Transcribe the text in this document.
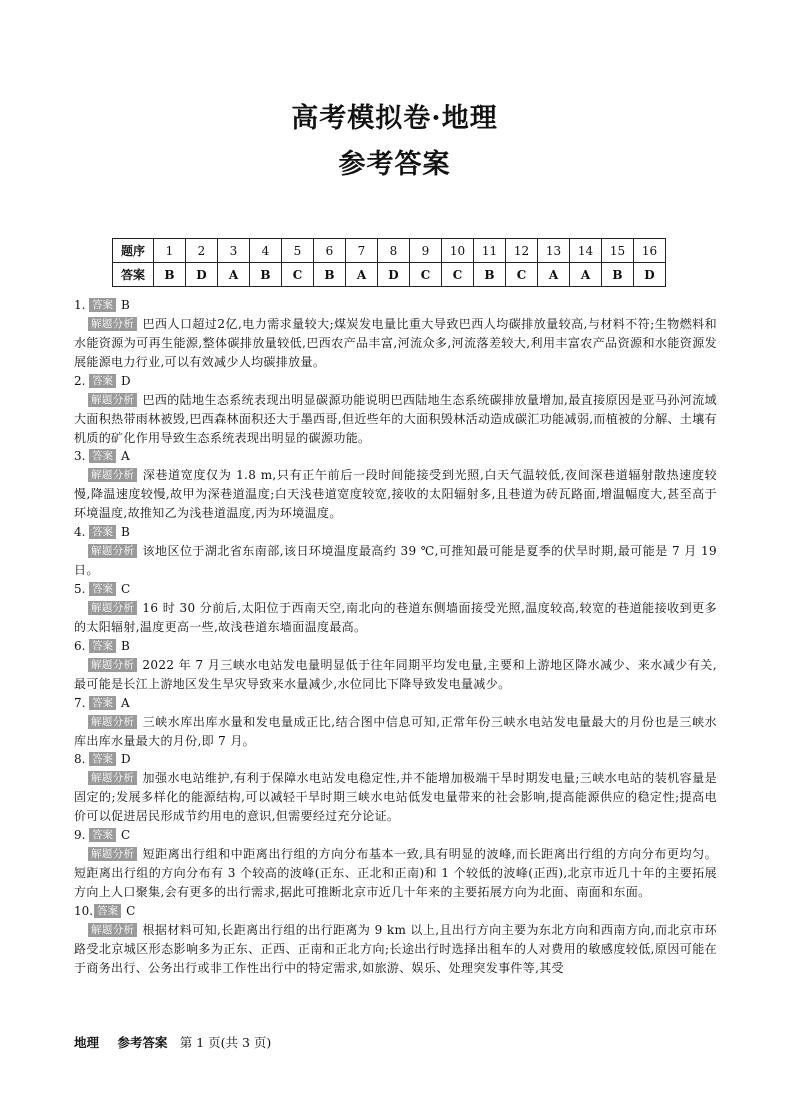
高考模拟卷·地理
参考答案
题序	1	2	3	4	5	6	7	8	9	10	11	12	13	14	15	16
答案	B	D	A	B	C	B	A	D	C	C	B	C	A	A	B	D
1. 答案 B
解题分析 巴西人口超过2亿,电力需求量较大;煤炭发电量比重大导致巴西人均碳排放量较高,与材料不符;生物燃料和水能资源为可再生能源,整体碳排放量较低,巴西农产品丰富,河流众多,河流落差较大,利用丰富农产品资源和水能资源发展能源电力行业,可以有效减少人均碳排放量。
2. 答案 D
解题分析 巴西的陆地生态系统表现出明显碳源功能说明巴西陆地生态系统碳排放量增加,最直接原因是亚马孙河流域大面积热带雨林被毁,巴西森林面积还大于墨西哥,但近些年的大面积毁林活动造成碳汇功能减弱,而植被的分解、土壤有机质的矿化作用导致生态系统表现出明显的碳源功能。
3. 答案 A
解题分析 深巷道宽度仅为 1.8 m,只有正午前后一段时间能接受到光照,白天气温较低,夜间深巷道辐射散热速度较慢,降温速度较慢,故甲为深巷道温度;白天浅巷道宽度较宽,接收的太阳辐射多,且巷道为砖瓦路面,增温幅度大,甚至高于环境温度,故推知乙为浅巷道温度,丙为环境温度。
4. 答案 B
解题分析 该地区位于湖北省东南部,该日环境温度最高约 39 ℃,可推知最可能是夏季的伏旱时期,最可能是 7 月 19 日。
5. 答案 C
解题分析 16 时 30 分前后,太阳位于西南天空,南北向的巷道东侧墙面接受光照,温度较高,较宽的巷道能接收到更多的太阳辐射,温度更高一些,故浅巷道东墙面温度最高。
6. 答案 B
解题分析 2022 年 7 月三峡水电站发电量明显低于往年同期平均发电量,主要和上游地区降水减少、来水减少有关,最可能是长江上游地区发生旱灾导致来水量减少,水位同比下降导致发电量减少。
7. 答案 A
解题分析 三峡水库出库水量和发电量成正比,结合图中信息可知,正常年份三峡水电站发电量最大的月份也是三峡水库出库水量最大的月份,即 7 月。
8. 答案 D
解题分析 加强水电站维护,有利于保障水电站发电稳定性,并不能增加极端干旱时期发电量;三峡水电站的装机容量是固定的;发展多样化的能源结构,可以减轻干旱时期三峡水电站低发电量带来的社会影响,提高能源供应的稳定性;提高电价可以促进居民形成节约用电的意识,但需要经过充分论证。
9. 答案 C
解题分析 短距离出行组和中距离出行组的方向分布基本一致,具有明显的波峰,而长距离出行组的方向分布更均匀。短距离出行组的方向分布有 3 个较高的波峰(正东、正北和正南)和 1 个较低的波峰(正西),北京市近几十年的主要拓展方向上人口聚集,会有更多的出行需求,据此可推断北京市近几十年来的主要拓展方向为北面、南面和东面。
10. 答案 C
解题分析 根据材料可知,长距离出行组的出行距离为 9 km 以上,且出行方向主要为东北方向和西南方向,而北京市环路受北京城区形态影响多为正东、正西、正南和正北方向;长途出行时选择出租车的人对费用的敏感度较低,原因可能在于商务出行、公务出行或非工作性出行中的特定需求,如旅游、娱乐、处理突发事件等,其受
地理 参考答案 第 1 页(共 3 页)
